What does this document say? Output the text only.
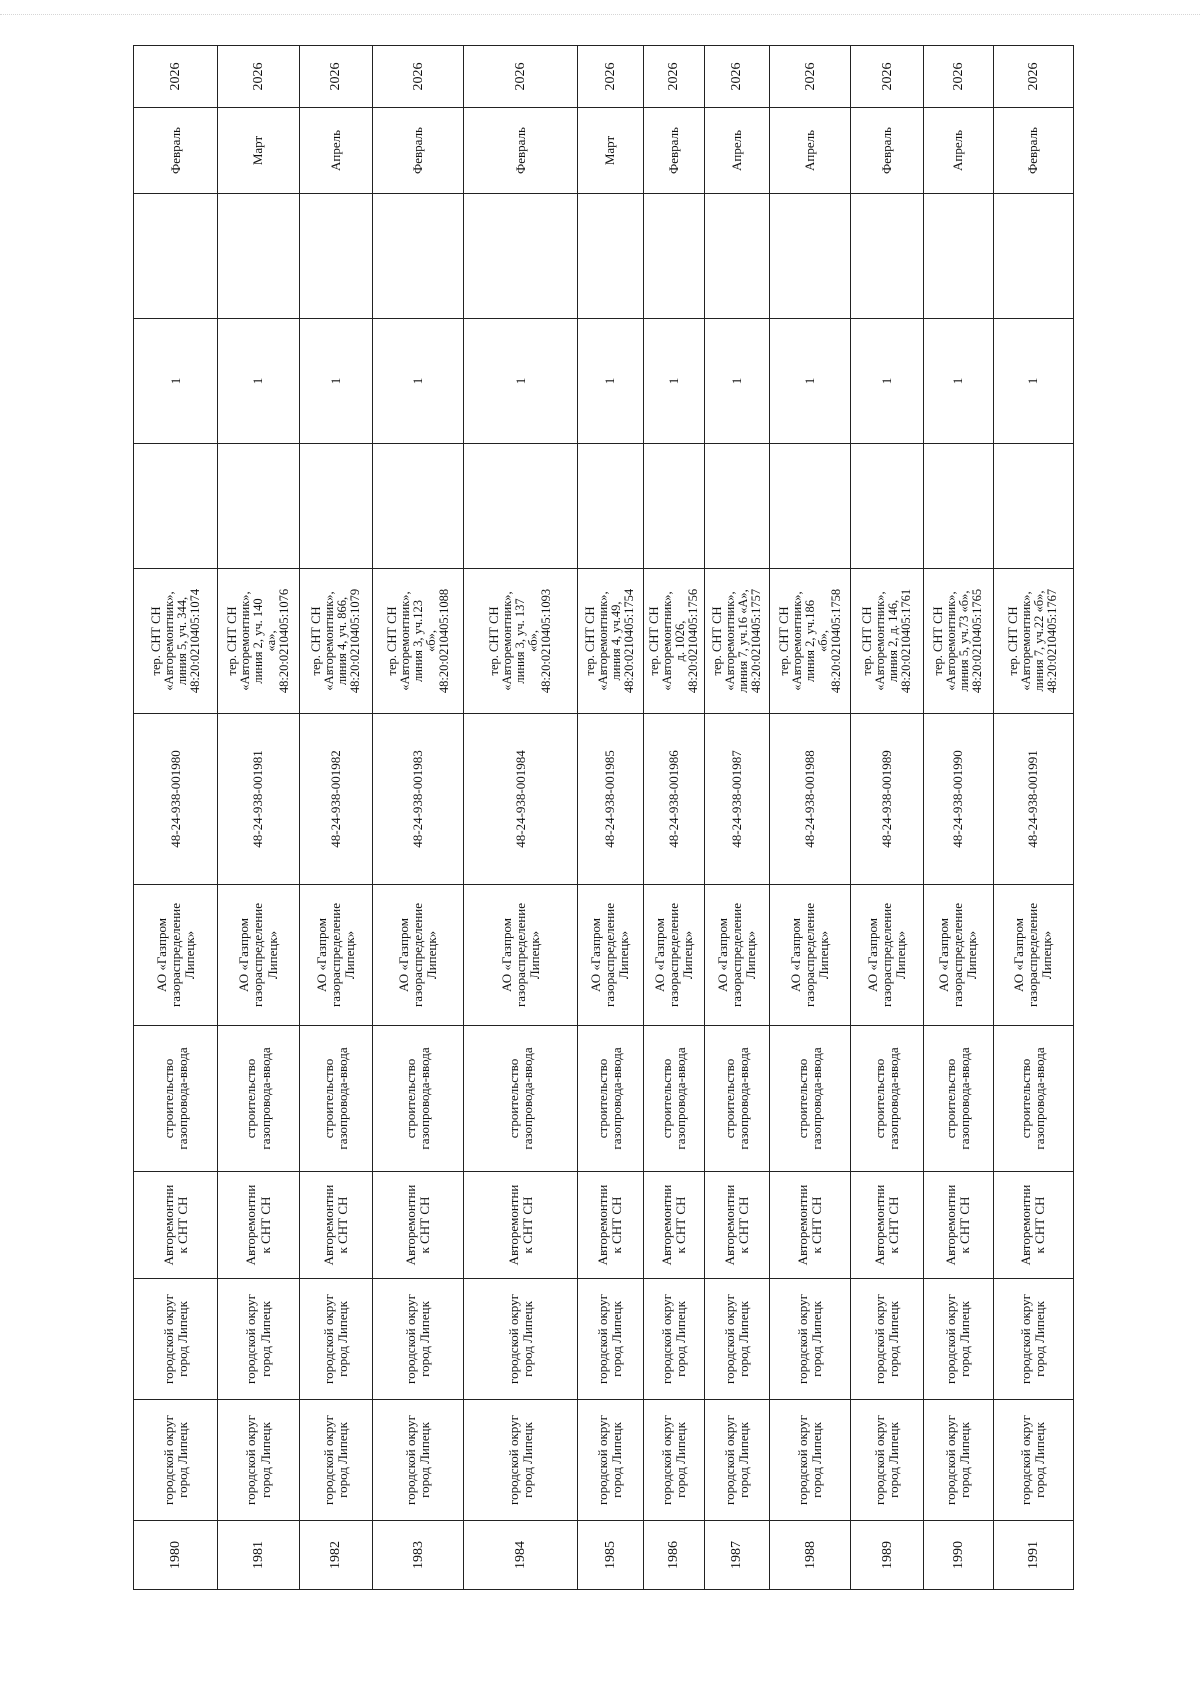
1980	городской округ
город Липецк	городской округ
город Липецк	Авторемонтни
к СНТ СН	строительство
газопровода-ввода	АО «Газпром
газораспределение
Липецк»	48-24-938-001980	тер. СНТ СН
«Авторемонтник»,
линия 5, уч. 344,
48:20:0210405:1074		1		Февраль	2026
1981	городской округ
город Липецк	городской округ
город Липецк	Авторемонтни
к СНТ СН	строительство
газопровода-ввода	АО «Газпром
газораспределение
Липецк»	48-24-938-001981	тер. СНТ СН
«Авторемонтник»,
линия 2, уч. 140
«а»,
48:20:0210405:1076		1		Март	2026
1982	городской округ
город Липецк	городской округ
город Липецк	Авторемонтни
к СНТ СН	строительство
газопровода-ввода	АО «Газпром
газораспределение
Липецк»	48-24-938-001982	тер. СНТ СН
«Авторемонтник»,
линия 4, уч. 866,
48:20:0210405:1079		1		Апрель	2026
1983	городской округ
город Липецк	городской округ
город Липецк	Авторемонтни
к СНТ СН	строительство
газопровода-ввода	АО «Газпром
газораспределение
Липецк»	48-24-938-001983	тер. СНТ СН
«Авторемонтник»,
линия 3, уч.123
«б»,
48:20:0210405:1088		1		Февраль	2026
1984	городской округ
город Липецк	городской округ
город Липецк	Авторемонтни
к СНТ СН	строительство
газопровода-ввода	АО «Газпром
газораспределение
Липецк»	48-24-938-001984	тер. СНТ СН
«Авторемонтник»,
линия 3, уч. 137
«б»,
48:20:0210405:1093		1		Февраль	2026
1985	городской округ
город Липецк	городской округ
город Липецк	Авторемонтни
к СНТ СН	строительство
газопровода-ввода	АО «Газпром
газораспределение
Липецк»	48-24-938-001985	тер. СНТ СН
«Авторемонтник»,
линия 4, уч.49,
48:20:0210405:1754		1		Март	2026
1986	городской округ
город Липецк	городской округ
город Липецк	Авторемонтни
к СНТ СН	строительство
газопровода-ввода	АО «Газпром
газораспределение
Липецк»	48-24-938-001986	тер. СНТ СН
«Авторемонтник»,
д. 1026,
48:20:0210405:1756		1		Февраль	2026
1987	городской округ
город Липецк	городской округ
город Липецк	Авторемонтни
к СНТ СН	строительство
газопровода-ввода	АО «Газпром
газораспределение
Липецк»	48-24-938-001987	тер. СНТ СН
«Авторемонтник»,
линия 7, уч.16 «А»,
48:20:0210405:1757		1		Апрель	2026
1988	городской округ
город Липецк	городской округ
город Липецк	Авторемонтни
к СНТ СН	строительство
газопровода-ввода	АО «Газпром
газораспределение
Липецк»	48-24-938-001988	тер. СНТ СН
«Авторемонтник»,
линия 2, уч.186
«б»,
48:20:0210405:1758		1		Апрель	2026
1989	городской округ
город Липецк	городской округ
город Липецк	Авторемонтни
к СНТ СН	строительство
газопровода-ввода	АО «Газпром
газораспределение
Липецк»	48-24-938-001989	тер. СНТ СН
«Авторемонтник»,
линия 2, д. 146,
48:20:0210405:1761		1		Февраль	2026
1990	городской округ
город Липецк	городской округ
город Липецк	Авторемонтни
к СНТ СН	строительство
газопровода-ввода	АО «Газпром
газораспределение
Липецк»	48-24-938-001990	тер. СНТ СН
«Авторемонтник»,
линия 5, уч.73 «б»,
48:20:0210405:1765		1		Апрель	2026
1991	городской округ
город Липецк	городской округ
город Липецк	Авторемонтни
к СНТ СН	строительство
газопровода-ввода	АО «Газпром
газораспределение
Липецк»	48-24-938-001991	тер. СНТ СН
«Авторемонтник»,
линия 7, уч.22 «б»,
48:20:0210405:1767		1		Февраль	2026
